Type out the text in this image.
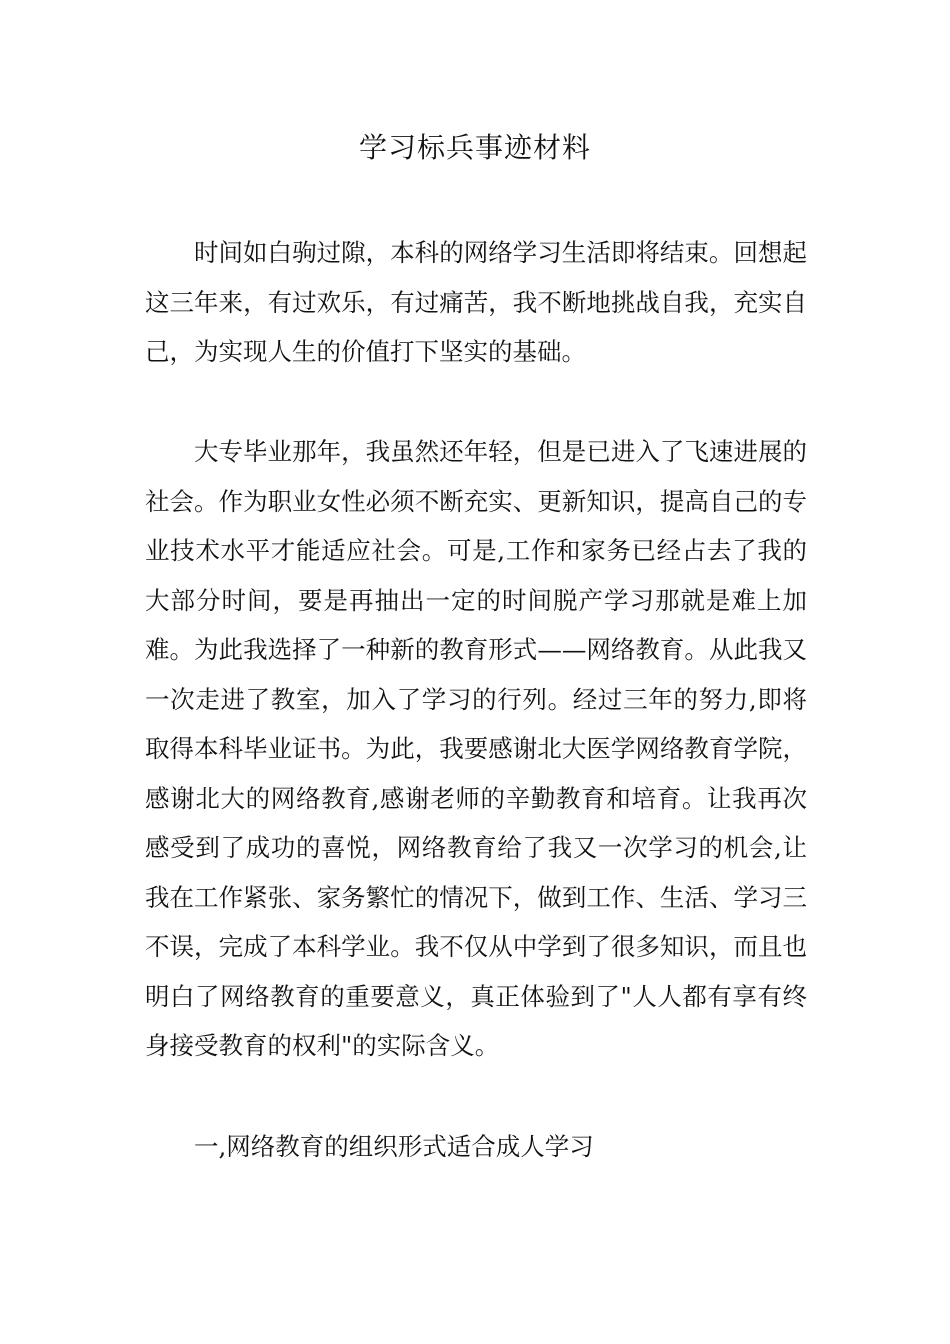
学习标兵事迹材料

时间如白驹过隙，本科的网络学习生活即将结束。回想起这三年来，有过欢乐，有过痛苦，我不断地挑战自我，充实自己，为实现人生的价值打下坚实的基础。

大专毕业那年，我虽然还年轻，但是已进入了飞速进展的社会。作为职业女性必须不断充实、更新知识，提高自己的专业技术水平才能适应社会。可是,工作和家务已经占去了我的大部分时间，要是再抽出一定的时间脱产学习那就是难上加难。为此我选择了一种新的教育形式——网络教育。从此我又一次走进了教室，加入了学习的行列。经过三年的努力,即将取得本科毕业证书。为此，我要感谢北大医学网络教育学院，感谢北大的网络教育,感谢老师的辛勤教育和培育。让我再次感受到了成功的喜悦，网络教育给了我又一次学习的机会,让我在工作紧张、家务繁忙的情况下，做到工作、生活、学习三不误，完成了本科学业。我不仅从中学到了很多知识，而且也明白了网络教育的重要意义，真正体验到了"人人都有享有终身接受教育的权利"的实际含义。

一,网络教育的组织形式适合成人学习
